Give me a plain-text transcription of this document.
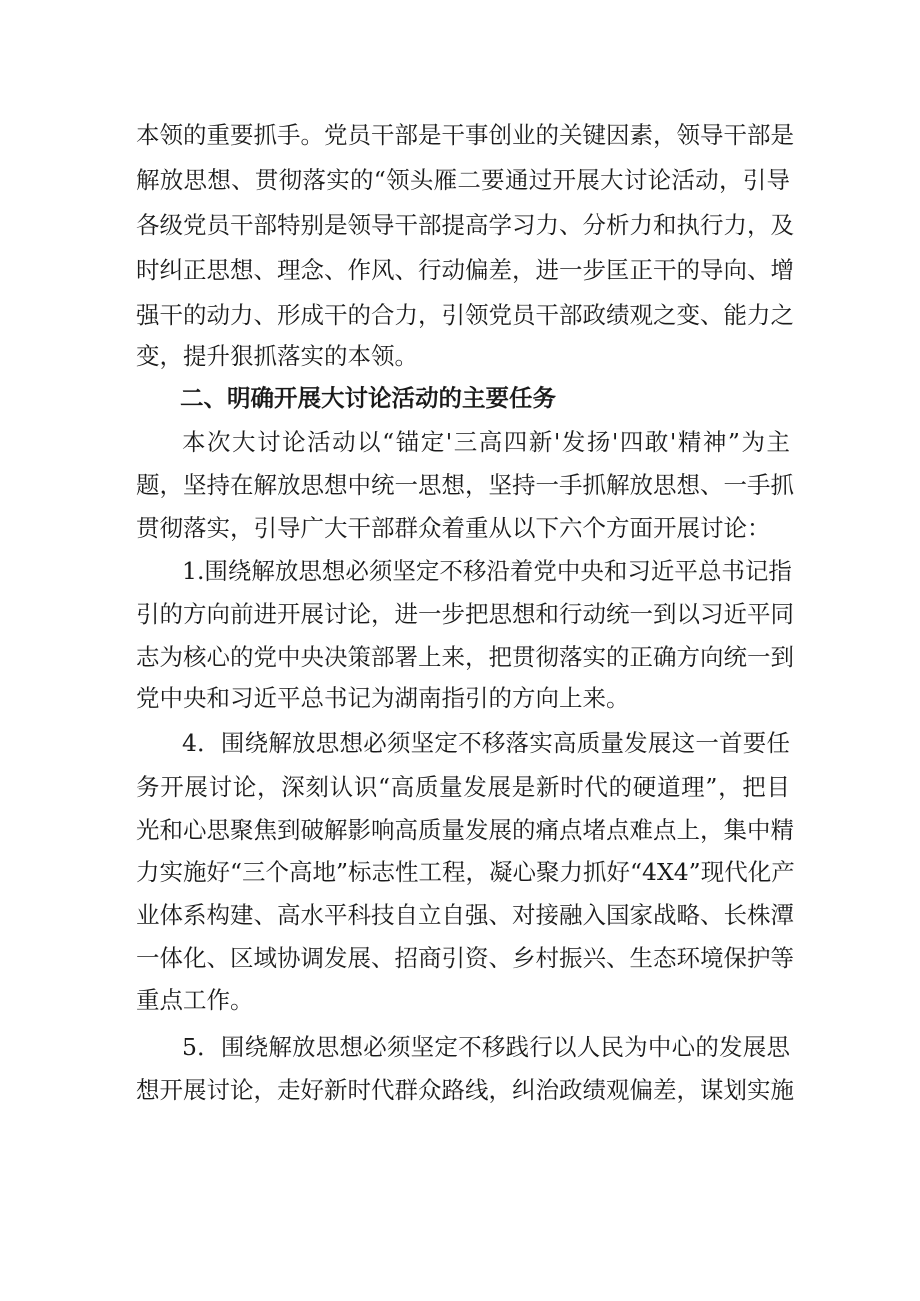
本领的重要抓手。党员干部是干事创业的关键因素，领导干部是
解放思想、贯彻落实的“领头雁二要通过开展大讨论活动，引导
各级党员干部特别是领导干部提高学习力、分析力和执行力，及
时纠正思想、理念、作风、行动偏差，进一步匡正干的导向、增
强干的动力、形成干的合力，引领党员干部政绩观之变、能力之
变，提升狠抓落实的本领。
二、明确开展大讨论活动的主要任务
本次大讨论活动以“锚定'三高四新'发扬'四敢'精神”为主
题，坚持在解放思想中统一思想，坚持一手抓解放思想、一手抓
贯彻落实，引导广大干部群众着重从以下六个方面开展讨论：
1.围绕解放思想必须坚定不移沿着党中央和习近平总书记指
引的方向前进开展讨论，进一步把思想和行动统一到以习近平同
志为核心的党中央决策部署上来，把贯彻落实的正确方向统一到
党中央和习近平总书记为湖南指引的方向上来。
4．围绕解放思想必须坚定不移落实高质量发展这一首要任
务开展讨论，深刻认识“高质量发展是新时代的硬道理”，把目
光和心思聚焦到破解影响高质量发展的痛点堵点难点上，集中精
力实施好“三个高地”标志性工程，凝心聚力抓好“4X4”现代化产
业体系构建、高水平科技自立自强、对接融入国家战略、长株潭
一体化、区域协调发展、招商引资、乡村振兴、生态环境保护等
重点工作。
5．围绕解放思想必须坚定不移践行以人民为中心的发展思
想开展讨论，走好新时代群众路线，纠治政绩观偏差，谋划实施
